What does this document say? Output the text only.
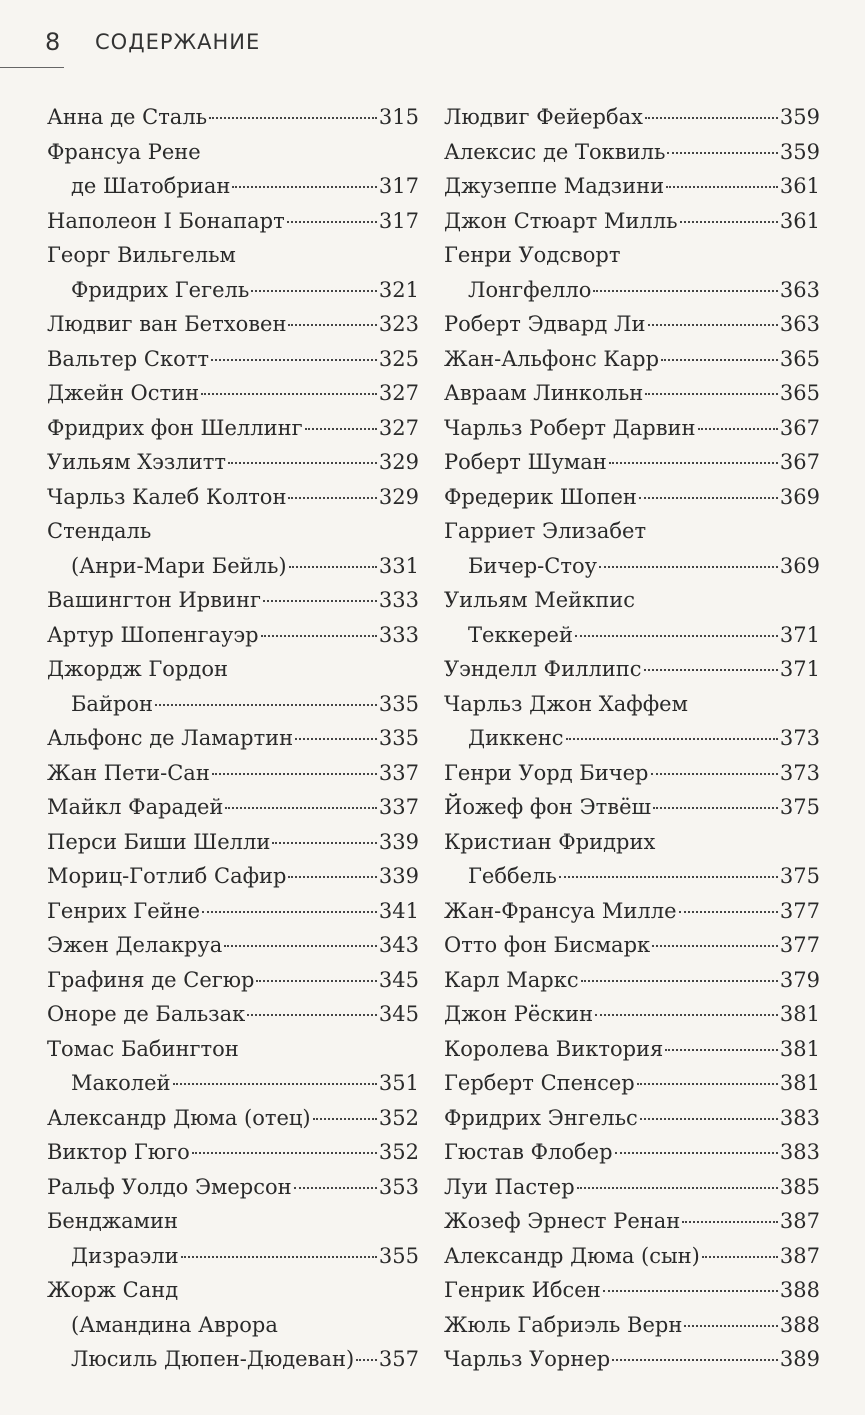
8 СОДЕРЖАНИЕ
Анна де Сталь	315
Франсуа Рене
де Шатобриан	317
Наполеон I Бонапарт	317
Георг Вильгельм
Фридрих Гегель	321
Людвиг ван Бетховен	323
Вальтер Скотт	325
Джейн Остин	327
Фридрих фон Шеллинг	327
Уильям Хэзлитт	329
Чарльз Калеб Колтон	329
Стендаль
(Анри-Мари Бейль)	331
Вашингтон Ирвинг	333
Артур Шопенгауэр	333
Джордж Гордон
Байрон	335
Альфонс де Ламартин	335
Жан Пети-Сан	337
Майкл Фарадей	337
Перси Биши Шелли	339
Мориц-Готлиб Сафир	339
Генрих Гейне	341
Эжен Делакруа	343
Графиня де Сегюр	345
Оноре де Бальзак	345
Томас Бабингтон
Маколей	351
Александр Дюма (отец)	352
Виктор Гюго	352
Ральф Уолдо Эмерсон	353
Бенджамин
Дизраэли	355
Жорж Санд
(Амандина Аврора
Люсиль Дюпен-Дюдеван) 357
Людвиг Фейербах	359
Алексис де Токвиль	359
Джузеппе Мадзини	361
Джон Стюарт Милль	361
Генри Уодсворт
Лонгфелло	363
Роберт Эдвард Ли	363
Жан-Альфонс Карр	365
Авраам Линкольн	365
Чарльз Роберт Дарвин	367
Роберт Шуман	367
Фредерик Шопен	369
Гарриет Элизабет
Бичер-Стоу	369
Уильям Мейкпис
Теккерей	371
Уэнделл Филлипс	371
Чарльз Джон Хаффем
Диккенс	373
Генри Уорд Бичер	373
Йожеф фон Этвёш	375
Кристиан Фридрих
Геббель	375
Жан-Франсуа Милле	377
Отто фон Бисмарк	377
Карл Маркс	379
Джон Рёскин	381
Королева Виктория	381
Герберт Спенсер	381
Фридрих Энгельс	383
Гюстав Флобер	383
Луи Пастер	385
Жозеф Эрнест Ренан	387
Александр Дюма (сын)	387
Генрик Ибсен	388
Жюль Габриэль Верн	388
Чарльз Уорнер	389
